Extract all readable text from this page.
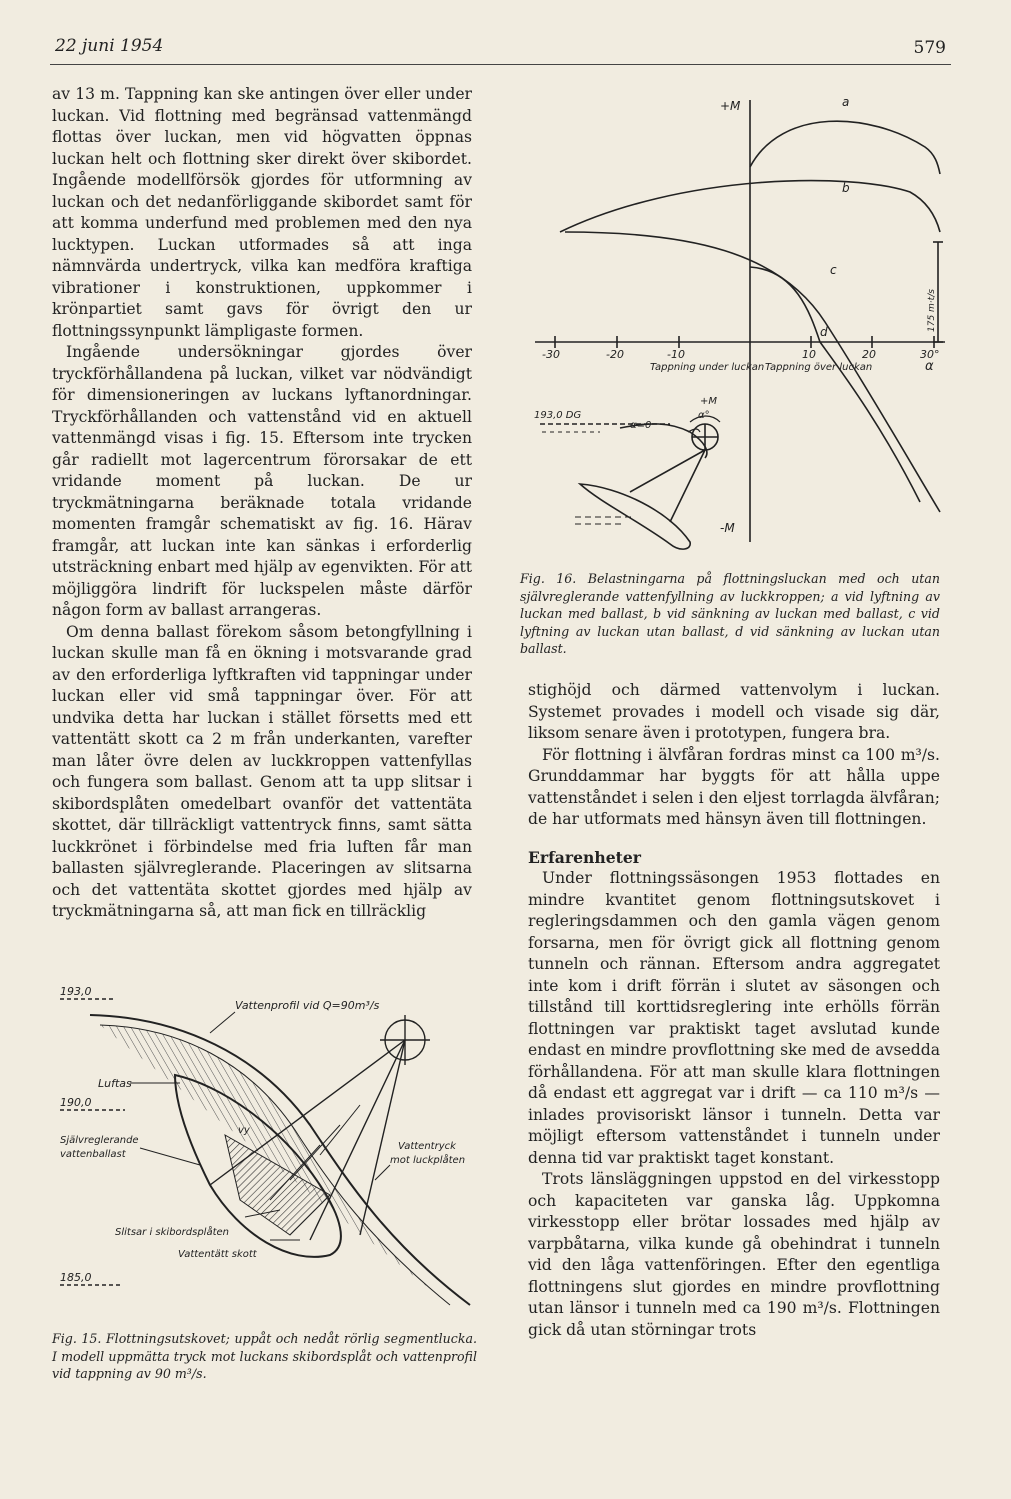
22 juni 1954	579

av 13 m. Tappning kan ske antingen över eller under luckan. Vid flottning med begränsad vattenmängd flottas över luckan, men vid högvatten öppnas luckan helt och flottning sker direkt över skibordet. Ingående modellförsök gjordes för utformning av luckan och det nedanförliggande skibordet samt för att komma underfund med problemen med den nya lucktypen. Luckan utformades så att inga nämnvärda undertryck, vilka kan medföra kraftiga vibrationer i konstruktionen, uppkommer i krönpartiet samt gavs för övrigt den ur flottningssynpunkt lämpligaste formen.

Ingående undersökningar gjordes över tryckförhållandena på luckan, vilket var nödvändigt för dimensioneringen av luckans lyftanordningar. Tryckförhållanden och vattenstånd vid en aktuell vattenmängd visas i fig. 15. Eftersom inte trycken går radiellt mot lagercentrum förorsakar de ett vridande moment på luckan. De ur tryckmätningarna beräknade totala vridande momenten framgår schematiskt av fig. 16. Härav framgår, att luckan inte kan sänkas i erforderlig utsträckning enbart med hjälp av egenvikten. För att möjliggöra lindrift för luckspelen måste därför någon form av ballast arrangeras.

Om denna ballast förekom såsom betongfyllning i luckan skulle man få en ökning i motsvarande grad av den erforderliga lyftkraften vid tappningar under luckan eller vid små tappningar över. För att undvika detta har luckan i stället försetts med ett vattentätt skott ca 2 m från underkanten, varefter man låter övre delen av luckkroppen vattenfyllas och fungera som ballast. Genom att ta upp slitsar i skibordsplåten omedelbart ovanför det vattentäta skottet, där tillräckligt vattentryck finns, samt sätta luckkrönet i förbindelse med fria luften får man ballasten självreglerande. Placeringen av slitsarna och det vattentäta skottet gjordes med hjälp av tryckmätningarna så, att man fick en tillräcklig

+M
-M
α
175 m·t/s
-30	-20	-10	10	20	30°
Tappning under luckan Tappning över luckan
a
b
c
d
193,0 DG
α=0
α°
+M
Fig. 16. Belastningarna på flottningsluckan med och utan självreglerande vattenfyllning av luckkroppen; a vid lyftning av luckan med ballast, b vid sänkning av luckan med ballast, c vid lyftning av luckan utan ballast, d vid sänkning av luckan utan ballast.

stighöjd och därmed vattenvolym i luckan. Systemet provades i modell och visade sig där, liksom senare även i prototypen, fungera bra.

För flottning i älvfåran fordras minst ca 100 m³/s. Grunddammar har byggts för att hålla uppe vattenståndet i selen i den eljest torrlagda älvfåran; de har utformats med hänsyn även till flottningen.

Erfarenheter

Under flottningssäsongen 1953 flottades en mindre kvantitet genom flottningsutskovet i regleringsdammen och den gamla vägen genom forsarna, men för övrigt gick all flottning genom tunneln och rännan. Eftersom andra aggregatet inte kom i drift förrän i slutet av säsongen och tillstånd till korttidsreglering inte erhölls förrän flottningen var praktiskt taget avslutad kunde endast en mindre provflottning ske med de avsedda förhållandena. För att man skulle klara flottningen då endast ett aggregat var i drift — ca 110 m³/s — inlades provisoriskt länsor i tunneln. Detta var möjligt eftersom vattenståndet i tunneln under denna tid var praktiskt taget konstant.

Trots länsläggningen uppstod en del virkesstopp och kapaciteten var ganska låg. Uppkomna virkesstopp eller brötar lossades med hjälp av varpbåtarna, vilka kunde gå obehindrat i tunneln vid den låga vattenföringen. Efter den egentliga flottningens slut gjordes en mindre provflottning utan länsor i tunneln med ca 190 m³/s. Flottningen gick då utan störningar trots

193,0
190,0
185,0
Vattenprofil vid Q=90m³/s
Luftas
vy
Självreglerande
vattenballast
Vattentryck
mot luckplåten
Slitsar i skibordsplåten
Vattentätt skott
Fig. 15. Flottningsutskovet; uppåt och nedåt rörlig segmentlucka. I modell uppmätta tryck mot luckans skibordsplåt och vattenprofil vid tappning av 90 m³/s.
